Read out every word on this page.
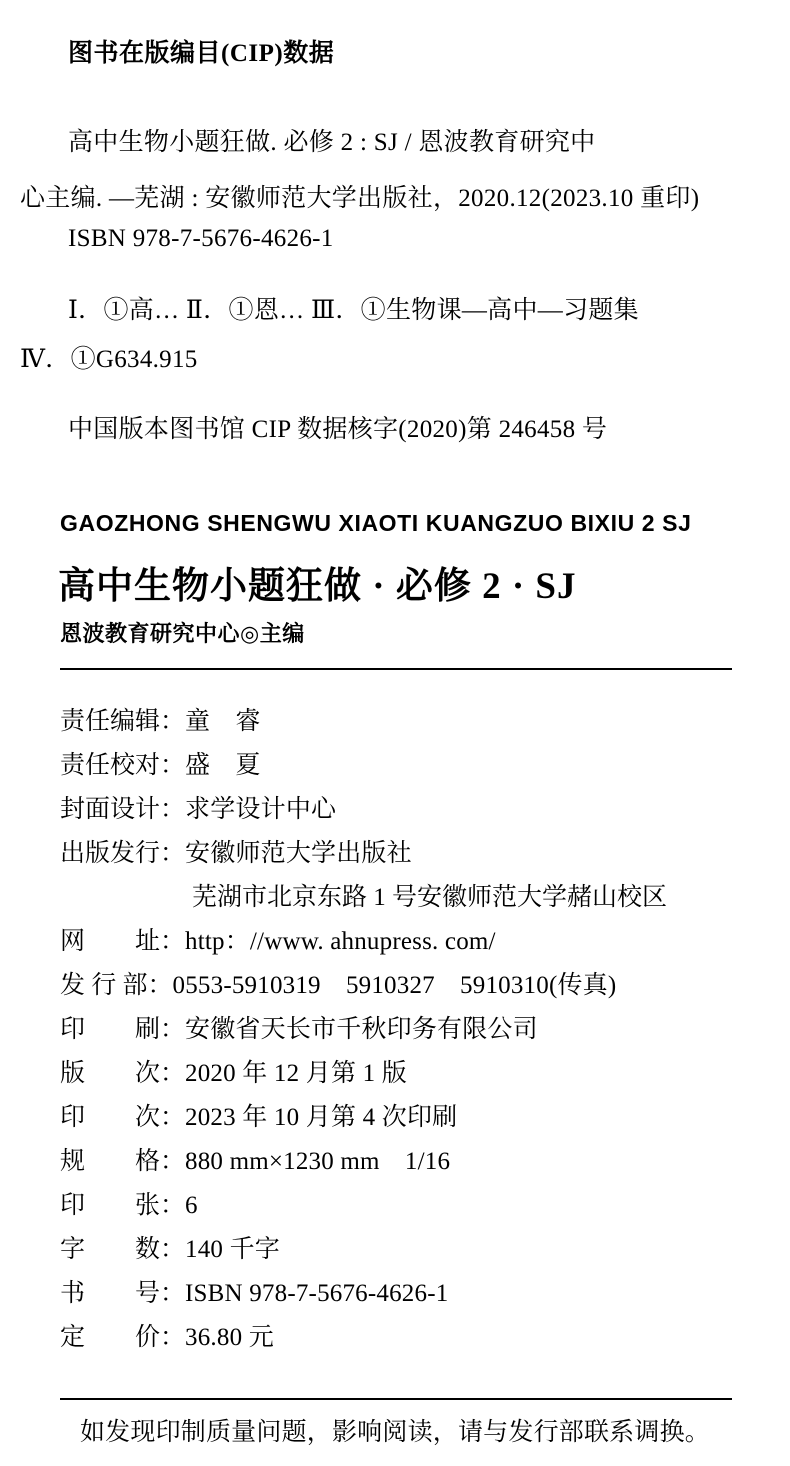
图书在版编目(CIP)数据
高中生物小题狂做. 必修 2 : SJ / 恩波教育研究中
心主编. —芜湖 : 安徽师范大学出版社，2020.12(2023.10 重印)
ISBN 978-7-5676-4626-1
Ⅰ．①高… Ⅱ．①恩… Ⅲ．①生物课—高中—习题集
Ⅳ．①G634.915
中国版本图书馆 CIP 数据核字(2020)第 246458 号
GAOZHONG SHENGWU XIAOTI KUANGZUO BIXIU 2 SJ
高中生物小题狂做 · 必修 2 · SJ
恩波教育研究中心◎主编
责任编辑：童　睿
责任校对：盛　夏
封面设计：求学设计中心
出版发行：安徽师范大学出版社
芜湖市北京东路 1 号安徽师范大学赭山校区
网　　址：http：//www. ahnupress. com/
发 行 部：0553-5910319　5910327　5910310(传真)
印　　刷：安徽省天长市千秋印务有限公司
版　　次：2020 年 12 月第 1 版
印　　次：2023 年 10 月第 4 次印刷
规　　格：880 mm×1230 mm　1/16
印　　张：6
字　　数：140 千字
书　　号：ISBN 978-7-5676-4626-1
定　　价：36.80 元
如发现印制质量问题，影响阅读，请与发行部联系调换。
